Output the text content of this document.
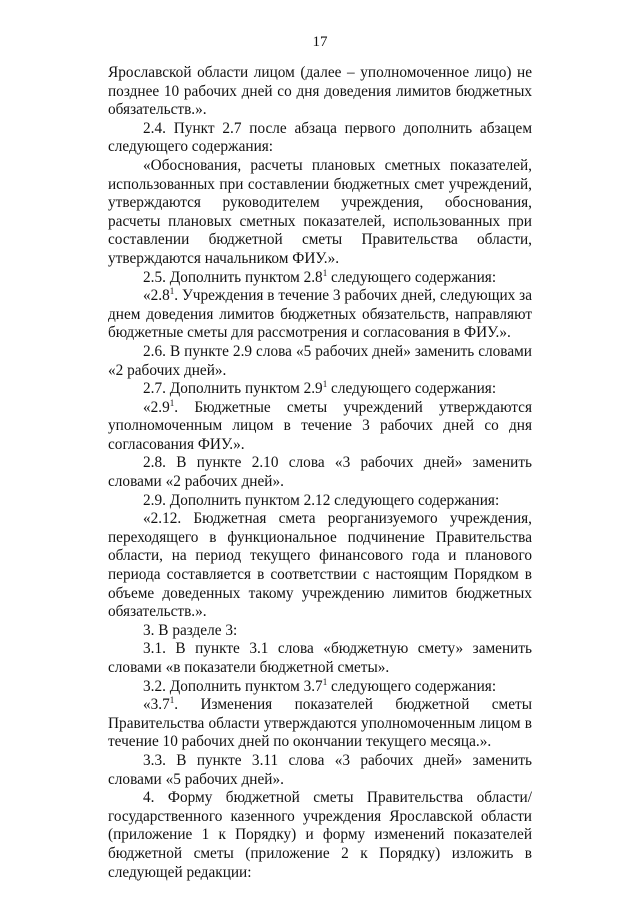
17

Ярославской области лицом (далее – уполномоченное лицо) не позднее 10 рабочих дней со дня доведения лимитов бюджетных обязательств.».

2.4. Пункт 2.7 после абзаца первого дополнить абзацем следующего содержания:

«Обоснования, расчеты плановых сметных показателей, использованных при составлении бюджетных смет учреждений, утверждаются руководителем учреждения, обоснования, расчеты плановых сметных показателей, использованных при составлении бюджетной сметы Правительства области, утверждаются начальником ФИУ.».

2.5. Дополнить пунктом $2.8^1$ следующего содержания:

«$2.8^1$. Учреждения в течение 3 рабочих дней, следующих за днем доведения лимитов бюджетных обязательств, направляют бюджетные сметы для рассмотрения и согласования в ФИУ.».

2.6. В пункте 2.9 слова «5 рабочих дней» заменить словами «2 рабочих дней».

2.7. Дополнить пунктом $2.9^1$ следующего содержания:

«$2.9^1$. Бюджетные сметы учреждений утверждаются уполномоченным лицом в течение 3 рабочих дней со дня согласования ФИУ.».

2.8. В пункте 2.10 слова «3 рабочих дней» заменить словами «2 рабочих дней».

2.9. Дополнить пунктом 2.12 следующего содержания:

«2.12. Бюджетная смета реорганизуемого учреждения, переходящего в функциональное подчинение Правительства области, на период текущего финансового года и планового периода составляется в соответствии с настоящим Порядком в объеме доведенных такому учреждению лимитов бюджетных обязательств.».

3. В разделе 3:

3.1. В пункте 3.1 слова «бюджетную смету» заменить словами «в показатели бюджетной сметы».

3.2. Дополнить пунктом $3.7^1$ следующего содержания:

«$3.7^1$. Изменения показателей бюджетной сметы Правительства области утверждаются уполномоченным лицом в течение 10 рабочих дней по окончании текущего месяца.».

3.3. В пункте 3.11 слова «3 рабочих дней» заменить словами «5 рабочих дней».

4. Форму бюджетной сметы Правительства области/ государственного казенного учреждения Ярославской области (приложение 1 к Порядку) и форму изменений показателей бюджетной сметы (приложение 2 к Порядку) изложить в следующей редакции:
